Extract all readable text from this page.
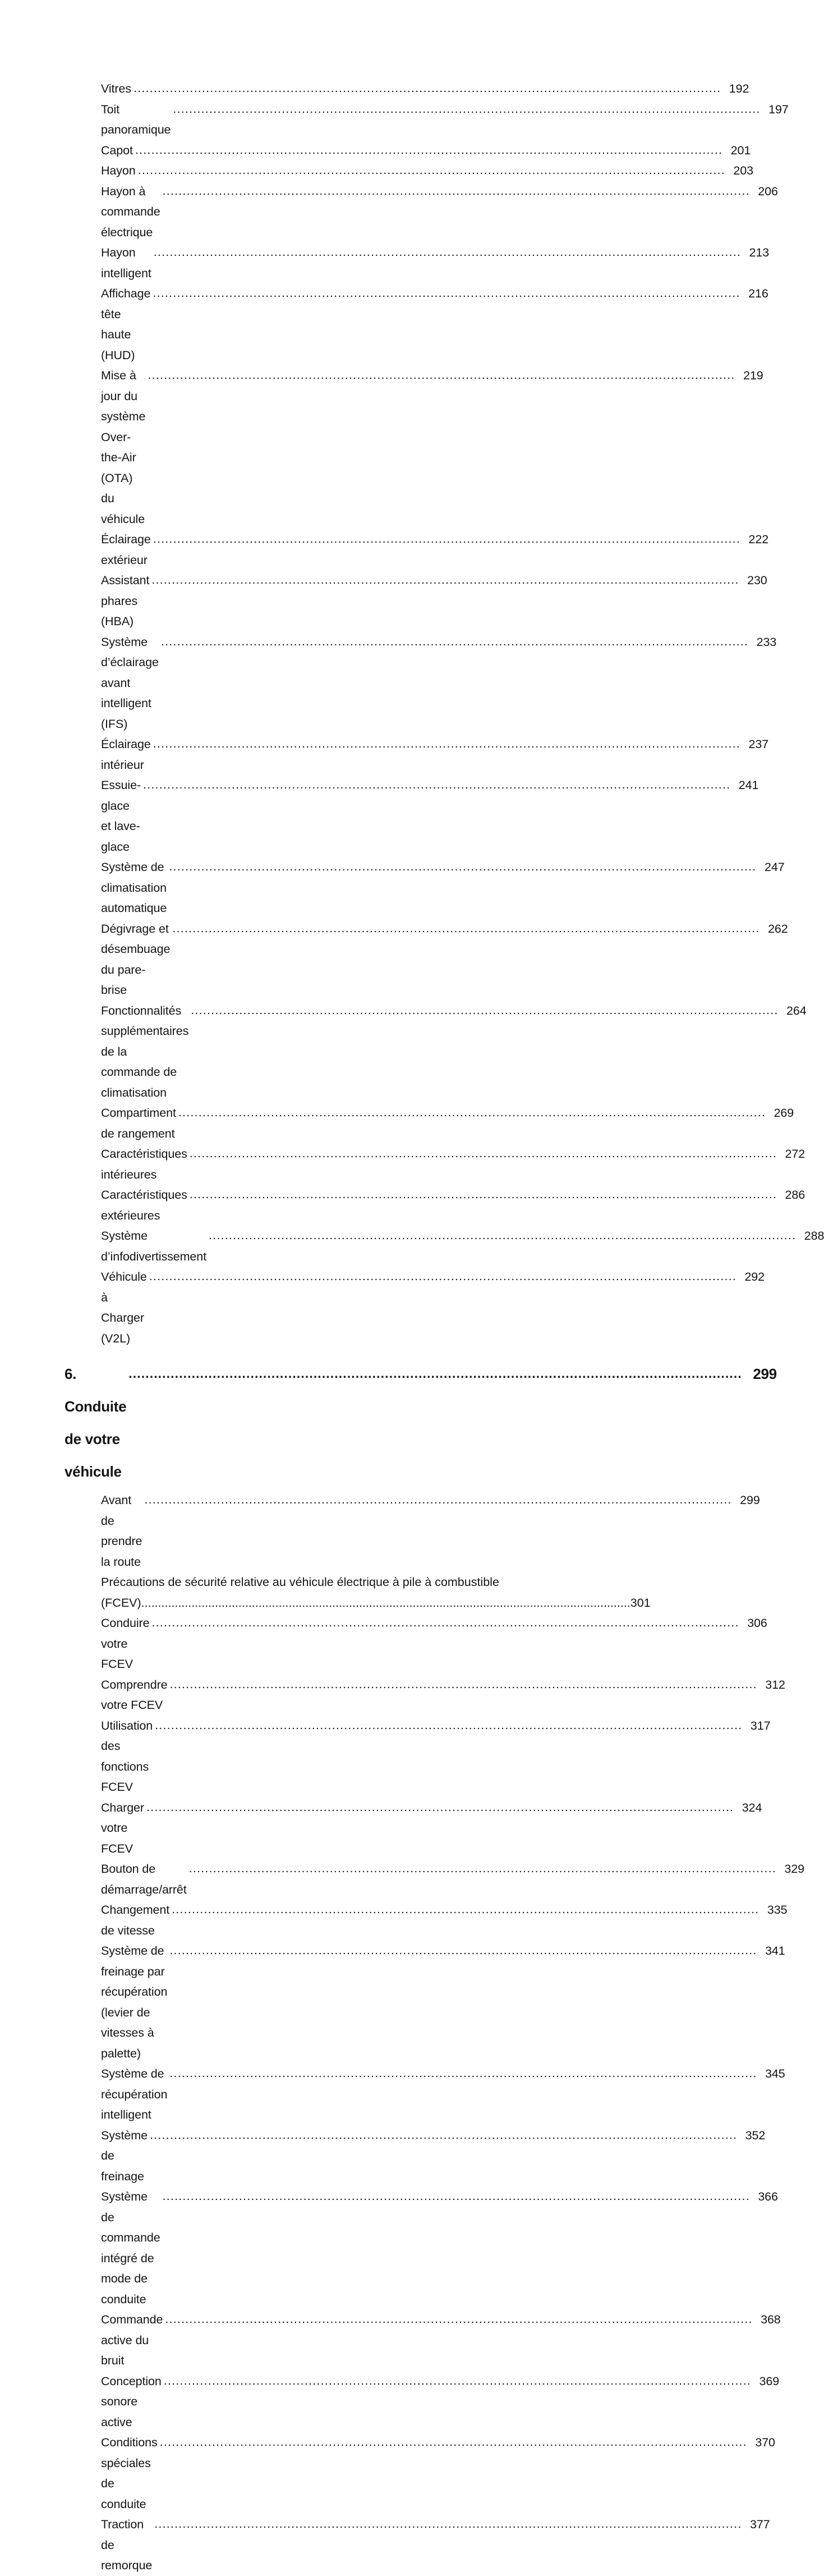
Vitres .................................................................................................................................................. 192
Toit panoramique
.................................................................................................................................................. 197
Capot .................................................................................................................................................. 201
Hayon .................................................................................................................................................. 203
Hayon à commande électrique
.................................................................................................................................................. 206
Hayon intelligent
.................................................................................................................................................. 213
Affichage tête haute (HUD)
.................................................................................................................................................. 216
Mise à jour du système Over-the-Air (OTA) du véhicule
.................................................................................................................................................. 219
Éclairage extérieur
.................................................................................................................................................. 222
Assistant phares (HBA)
.................................................................................................................................................. 230
Système d’éclairage avant intelligent (IFS)
.................................................................................................................................................. 233
Éclairage intérieur
.................................................................................................................................................. 237
Essuie-glace et lave-glace
.................................................................................................................................................. 241
Système de climatisation automatique
.................................................................................................................................................. 247
Dégivrage et désembuage du pare-brise
.................................................................................................................................................. 262
Fonctionnalités supplémentaires de la commande de climatisation
.................................................................................................................................................. 264
Compartiment de rangement
.................................................................................................................................................. 269
Caractéristiques intérieures
.................................................................................................................................................. 272
Caractéristiques extérieures
.................................................................................................................................................. 286
Système d’infodivertissement
.................................................................................................................................................. 288
Véhicule à Charger (V2L)
.................................................................................................................................................. 292
6. Conduite de votre véhicule
.................................................................................................................................................. 299
Avant de prendre la route
.................................................................................................................................................. 299
Précautions de sécurité relative au véhicule électrique à pile à combustible
(FCEV) .................................................................................................................................................. 301
Conduire votre FCEV
.................................................................................................................................................. 306
Comprendre votre FCEV
.................................................................................................................................................. 312
Utilisation des fonctions FCEV
.................................................................................................................................................. 317
Charger votre FCEV
.................................................................................................................................................. 324
Bouton de démarrage/arrêt
.................................................................................................................................................. 329
Changement de vitesse
.................................................................................................................................................. 335
Système de freinage par récupération (levier de vitesses à palette)
.................................................................................................................................................. 341
Système de récupération intelligent
.................................................................................................................................................. 345
Système de freinage
.................................................................................................................................................. 352
Système de commande intégré de mode de conduite
.................................................................................................................................................. 366
Commande active du bruit
.................................................................................................................................................. 368
Conception sonore active
.................................................................................................................................................. 369
Conditions spéciales de conduite
.................................................................................................................................................. 370
Traction de remorque
.................................................................................................................................................. 377
